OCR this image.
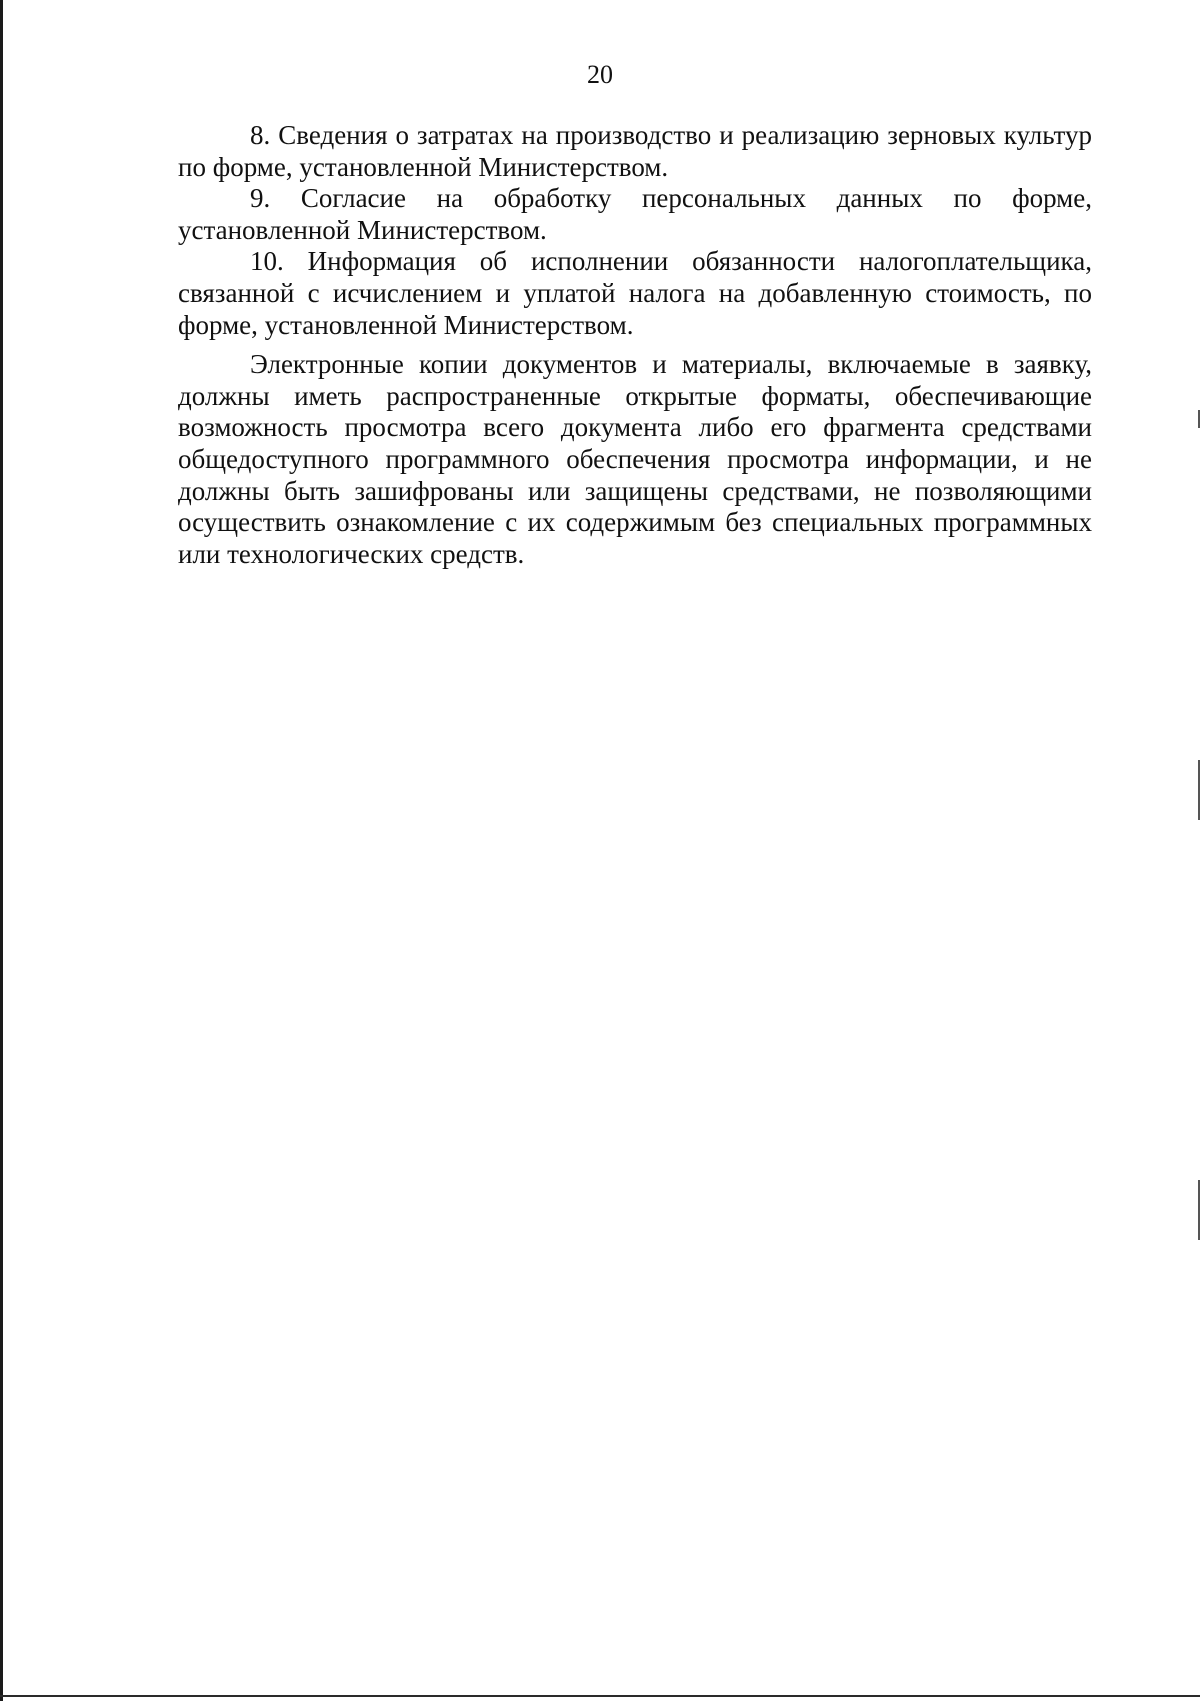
20

8. Сведения о затратах на производство и реализацию зерновых культур по форме, установленной Министерством.

9. Согласие на обработку персональных данных по форме, установленной Министерством.

10. Информация об исполнении обязанности налогоплательщика, связанной с исчислением и уплатой налога на добавленную стоимость, по форме, установленной Министерством.

Электронные копии документов и материалы, включаемые в заявку, должны иметь распространенные открытые форматы, обеспечивающие возможность просмотра всего документа либо его фрагмента средствами общедоступного программного обеспечения просмотра информации, и не должны быть зашифрованы или защищены средствами, не позволяющими осуществить ознакомление с их содержимым без специальных программных или технологических средств.
